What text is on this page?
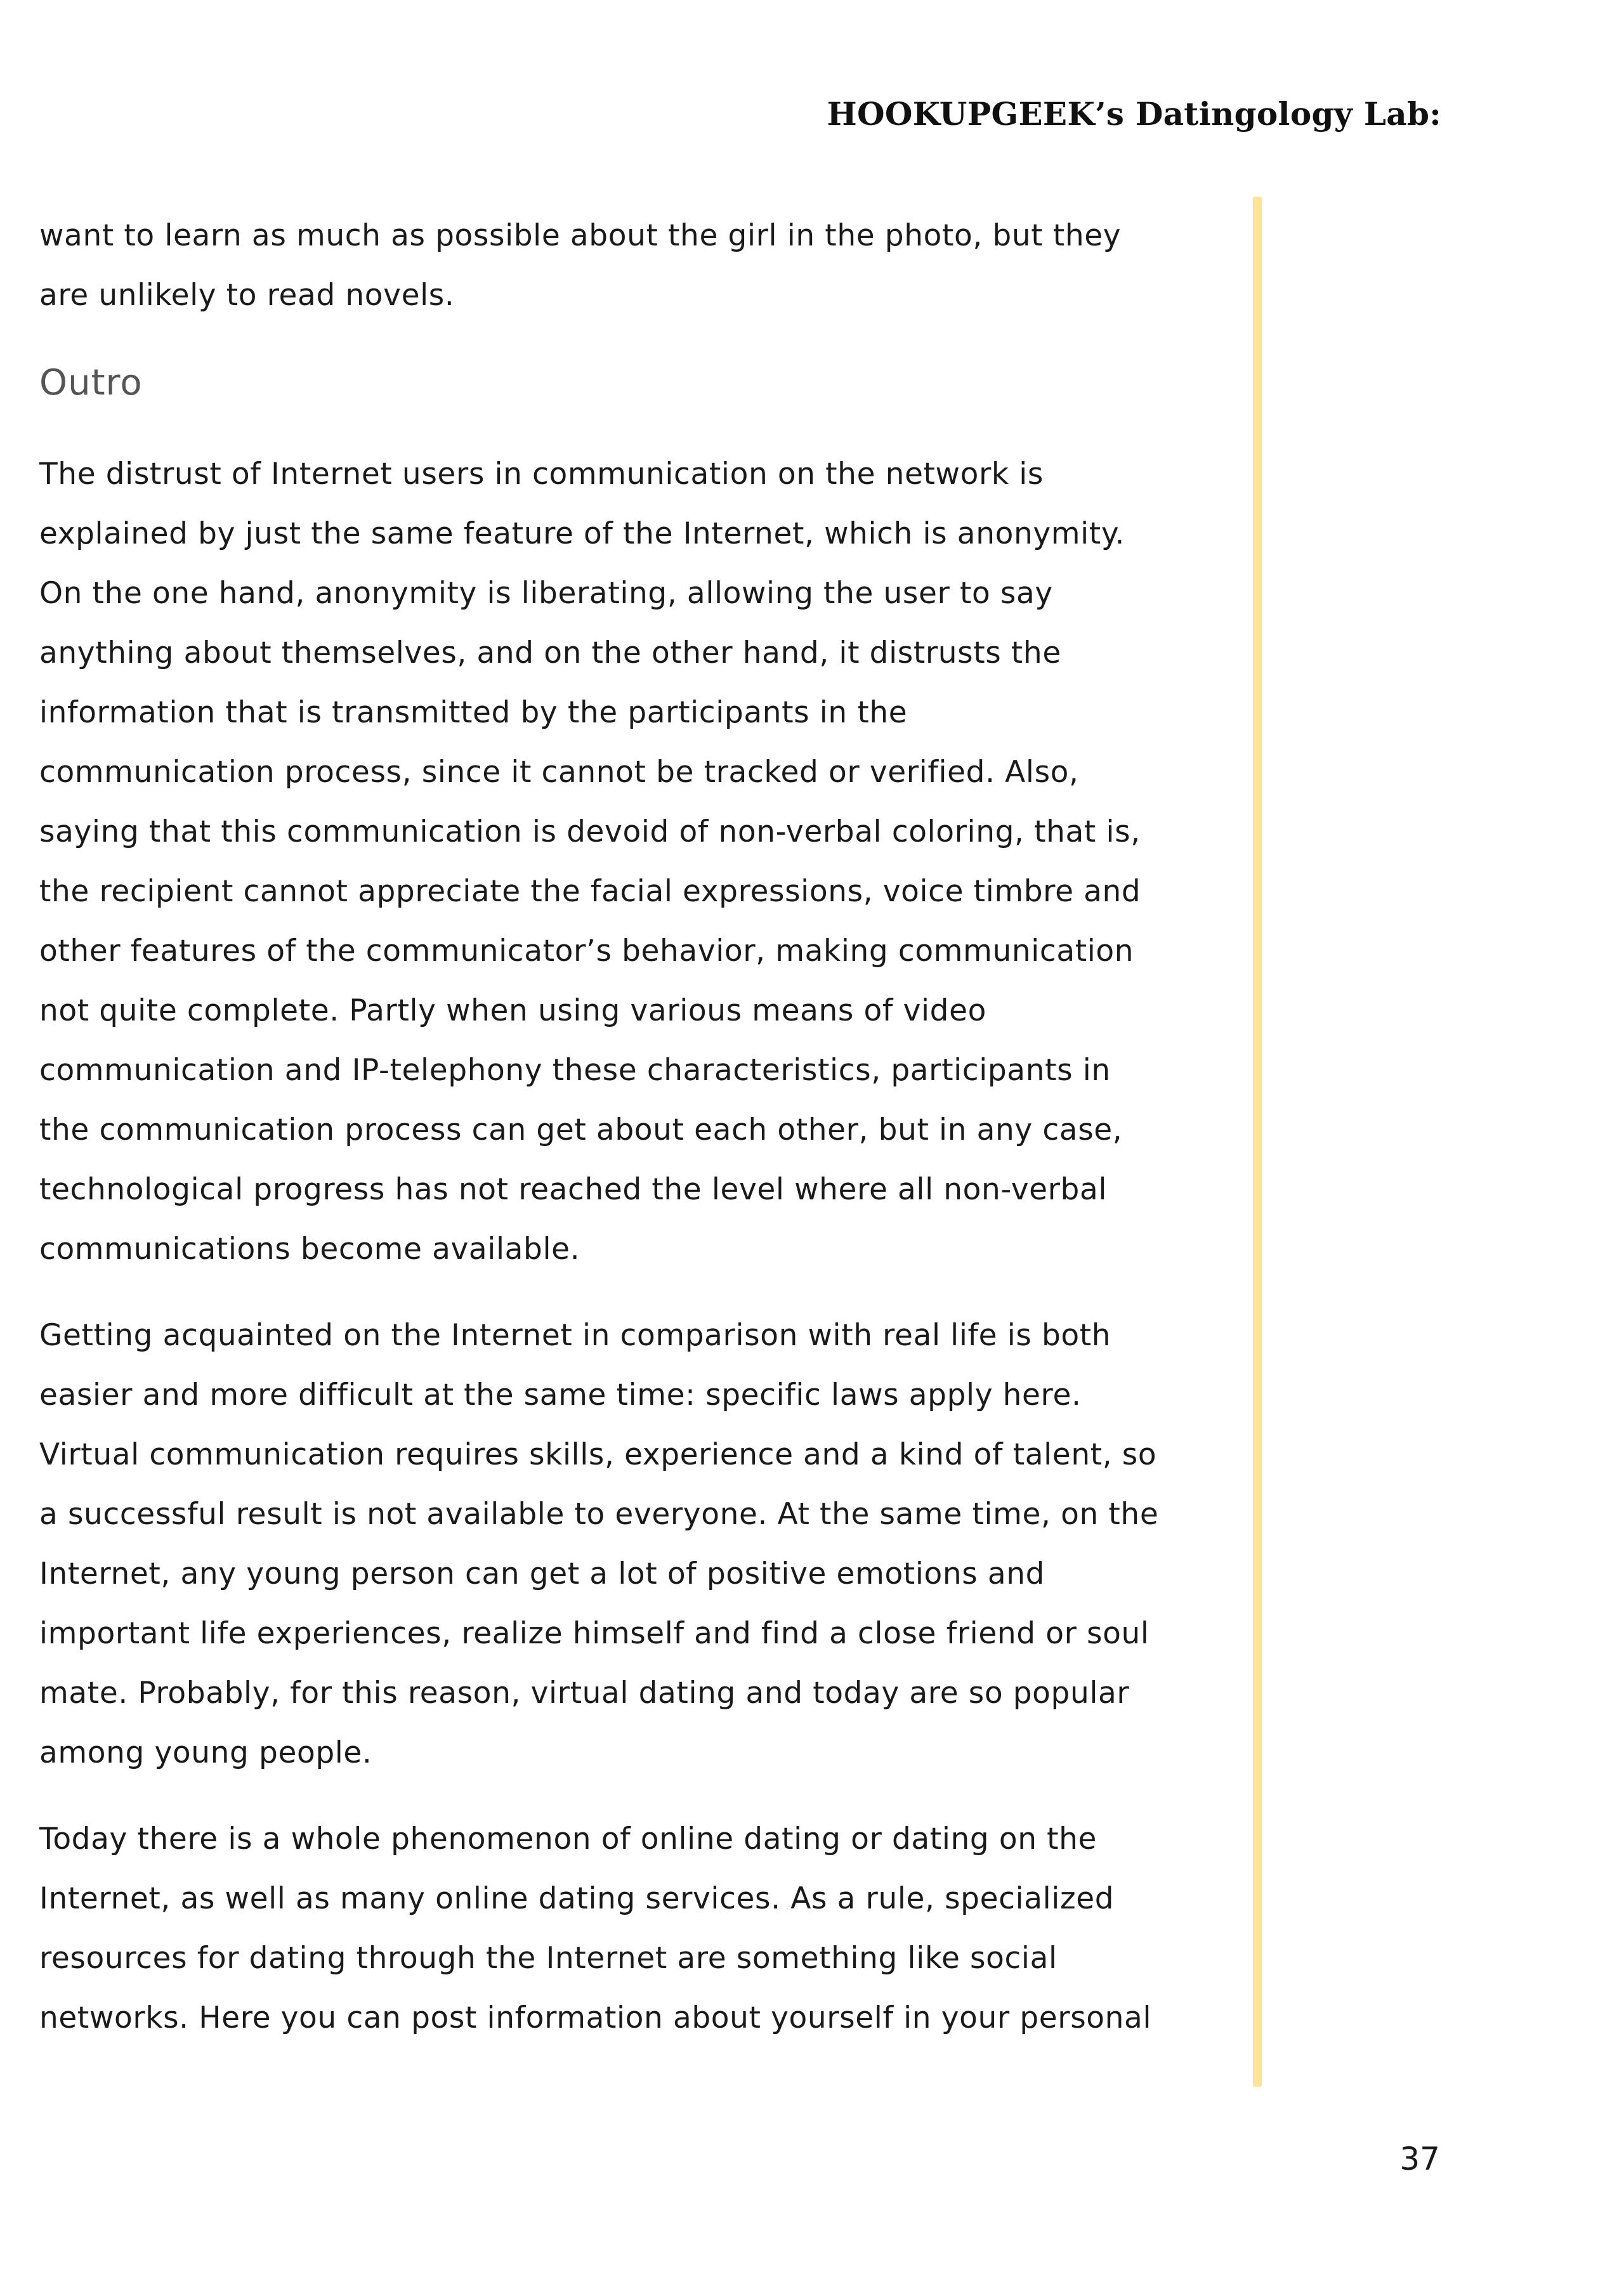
HOOKUPGEEK’s Datingology Lab:
want to learn as much as possible about the girl in the photo, but they
are unlikely to read novels.
Outro
The distrust of Internet users in communication on the network is
explained by just the same feature of the Internet, which is anonymity.
On the one hand, anonymity is liberating, allowing the user to say
anything about themselves, and on the other hand, it distrusts the
information that is transmitted by the participants in the
communication process, since it cannot be tracked or verified. Also,
saying that this communication is devoid of non-verbal coloring, that is,
the recipient cannot appreciate the facial expressions, voice timbre and
other features of the communicator’s behavior, making communication
not quite complete. Partly when using various means of video
communication and IP-telephony these characteristics, participants in
the communication process can get about each other, but in any case,
technological progress has not reached the level where all non-verbal
communications become available.
Getting acquainted on the Internet in comparison with real life is both
easier and more difficult at the same time: specific laws apply here.
Virtual communication requires skills, experience and a kind of talent, so
a successful result is not available to everyone. At the same time, on the
Internet, any young person can get a lot of positive emotions and
important life experiences, realize himself and find a close friend or soul
mate. Probably, for this reason, virtual dating and today are so popular
among young people.
Today there is a whole phenomenon of online dating or dating on the
Internet, as well as many online dating services. As a rule, specialized
resources for dating through the Internet are something like social
networks. Here you can post information about yourself in your personal
37
